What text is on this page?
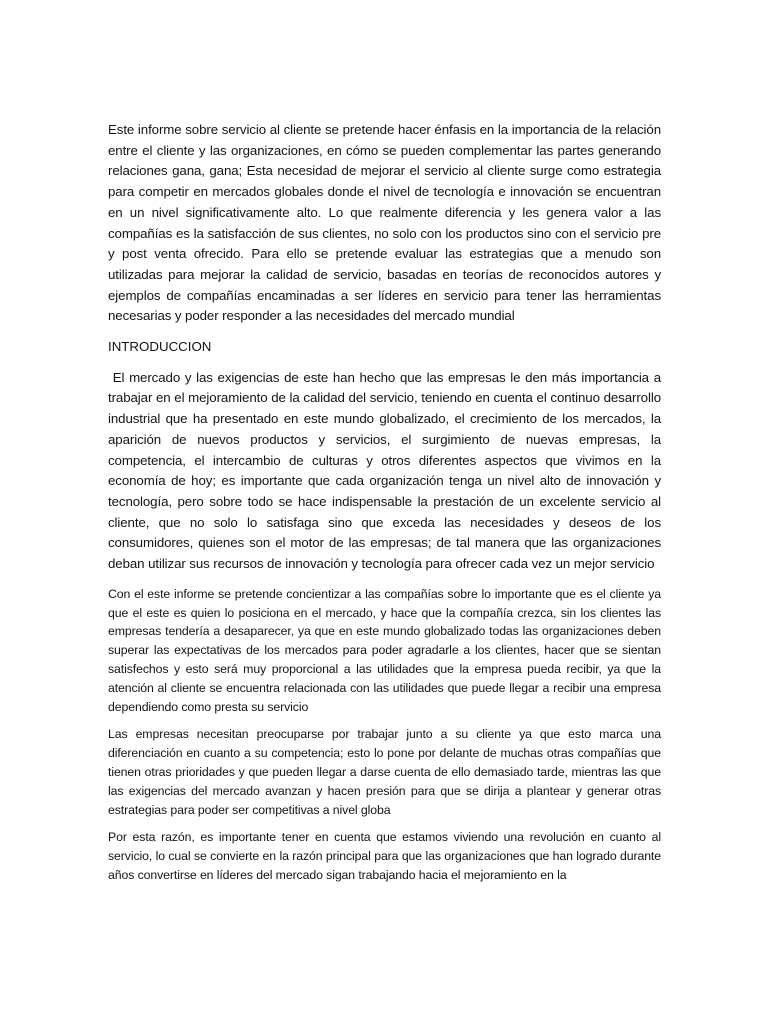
Este informe sobre servicio al cliente se pretende hacer énfasis en la importancia de la relación entre el cliente y las organizaciones, en cómo se pueden complementar las partes generando relaciones gana, gana; Esta necesidad de mejorar el servicio al cliente surge como estrategia para competir en mercados globales donde el nivel de tecnología e innovación se encuentran en un nivel significativamente alto. Lo que realmente diferencia y les genera valor a las compañías es la satisfacción de sus clientes, no solo con los productos sino con el servicio pre y post venta ofrecido. Para ello se pretende evaluar las estrategias que a menudo son utilizadas para mejorar la calidad de servicio, basadas en teorías de reconocidos autores y ejemplos de compañías encaminadas a ser líderes en servicio para tener las herramientas necesarias y poder responder a las necesidades del mercado mundial

INTRODUCCION

El mercado y las exigencias de este han hecho que las empresas le den más importancia a trabajar en el mejoramiento de la calidad del servicio, teniendo en cuenta el continuo desarrollo industrial que ha presentado en este mundo globalizado, el crecimiento de los mercados, la aparición de nuevos productos y servicios, el surgimiento de nuevas empresas, la competencia, el intercambio de culturas y otros diferentes aspectos que vivimos en la economía de hoy; es importante que cada organización tenga un nivel alto de innovación y tecnología, pero sobre todo se hace indispensable la prestación de un excelente servicio al cliente, que no solo lo satisfaga sino que exceda las necesidades y deseos de los consumidores, quienes son el motor de las empresas; de tal manera que las organizaciones deban utilizar sus recursos de innovación y tecnología para ofrecer cada vez un mejor servicio

Con el este informe se pretende concientizar a las compañías sobre lo importante que es el cliente ya que el este es quien lo posiciona en el mercado, y hace que la compañía crezca, sin los clientes las empresas tendería a desaparecer, ya que en este mundo globalizado todas las organizaciones deben superar las expectativas de los mercados para poder agradarle a los clientes, hacer que se sientan satisfechos y esto será muy proporcional a las utilidades que la empresa pueda recibir, ya que la atención al cliente se encuentra relacionada con las utilidades que puede llegar a recibir una empresa dependiendo como presta su servicio

Las empresas necesitan preocuparse por trabajar junto a su cliente ya que esto marca una diferenciación en cuanto a su competencia; esto lo pone por delante de muchas otras compañías que tienen otras prioridades y que pueden llegar a darse cuenta de ello demasiado tarde, mientras las que las exigencias del mercado avanzan y hacen presión para que se dirija a plantear y generar otras estrategias para poder ser competitivas a nivel globa

Por esta razón, es importante tener en cuenta que estamos viviendo una revolución en cuanto al servicio, lo cual se convierte en la razón principal para que las organizaciones que han logrado durante años convertirse en líderes del mercado sigan trabajando hacia el mejoramiento en la
